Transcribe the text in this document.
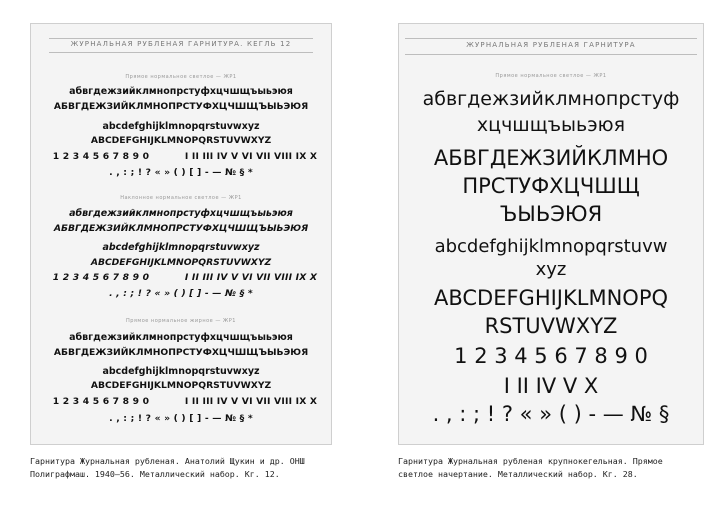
ЖУРНАЛЬНАЯ РУБЛЕНАЯ ГАРНИТУРА. КЕГЛЬ 12
Прямое нормальное светлое — ЖР1
абвгдежзийклмнопрстуфхцчшщъыьэюя
АБВГДЕЖЗИЙКЛМНОПРСТУФХЦЧШЩЪЫЬЭЮЯ
abcdefghijklmnopqrstuvwxyz
ABCDEFGHIJKLMNOPQRSTUVWXYZ
1 2 3 4 5 6 7 8 9 0	I II III IV V VI VII VIII IX X
. , : ; ! ? « » ( ) [ ] - — № § *
Наклонное нормальное светлое — ЖР1
абвгдежзийклмнопрстуфхцчшщъыьэюя
АБВГДЕЖЗИЙКЛМНОПРСТУФХЦЧШЩЪЫЬЭЮЯ
abcdefghijklmnopqrstuvwxyz
ABCDEFGHIJKLMNOPQRSTUVWXYZ
1 2 3 4 5 6 7 8 9 0	I II III IV V VI VII VIII IX X
. , : ; ! ? « » ( ) [ ] - — № § *
Прямое нормальное жирное — ЖР1
абвгдежзийклмнопрстуфхцчшщъыьэюя
АБВГДЕЖЗИЙКЛМНОПРСТУФХЦЧШЩЪЫЬЭЮЯ
abcdefghijklmnopqrstuvwxyz
ABCDEFGHIJKLMNOPQRSTUVWXYZ
1 2 3 4 5 6 7 8 9 0	I II III IV V VI VII VIII IX X
. , : ; ! ? « » ( ) [ ] - — № § *
ЖУРНАЛЬНАЯ РУБЛЕНАЯ ГАРНИТУРА
Прямое нормальное светлое — ЖР1
абвгдежзийклмнопрстуф
хцчшщъыьэюя
АБВГДЕЖЗИЙКЛМНО
ПРСТУФХЦЧШЩ
ЪЫЬЭЮЯ
abcdefghijklmnopqrstuvw
xyz
ABCDEFGHIJKLMNOPQ
RSTUVWXYZ
1 2 3 4 5 6 7 8 9 0
I II IV V X
. , : ; ! ? « » ( ) - — № §
Гарнитура Журнальная рубленая. Анатолий Щукин и др. ОНШ
Полиграфмаш. 1940—56. Металлический набор. Кг. 12.
Гарнитура Журнальная рубленая крупнокегельная. Прямое
светлое начертание. Металлический набор. Кг. 28.
